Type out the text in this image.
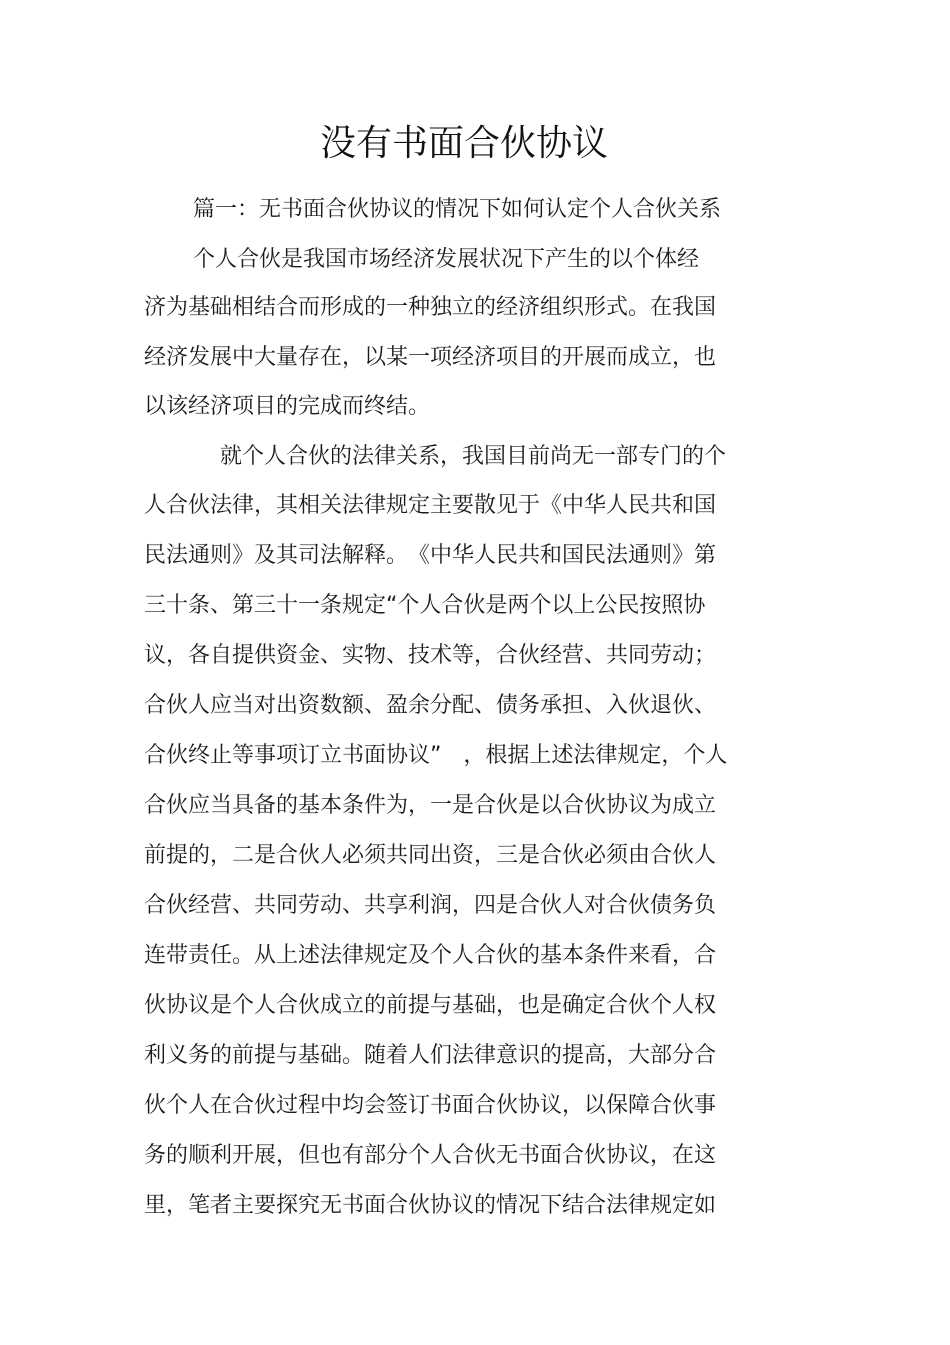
没有书面合伙协议
篇一：无书面合伙协议的情况下如何认定个人合伙关系
个人合伙是我国市场经济发展状况下产生的以个体经
济为基础相结合而形成的一种独立的经济组织形式。在我国
经济发展中大量存在，以某一项经济项目的开展而成立，也
以该经济项目的完成而终结。
就个人合伙的法律关系，我国目前尚无一部专门的个
人合伙法律，其相关法律规定主要散见于《中华人民共和国
民法通则》及其司法解释。　《中华人民共和国民法通则》第
三十条、第三十一条规定“个人合伙是两个以上公民按照协
议，各自提供资金、实物、技术等，合伙经营、共同劳动；
合伙人应当对出资数额、盈余分配、债务承担、入伙退伙、
合伙终止等事项订立书面协议”　，根据上述法律规定，个人
合伙应当具备的基本条件为，一是合伙是以合伙协议为成立
前提的，二是合伙人必须共同出资，三是合伙必须由合伙人
合伙经营、共同劳动、共享利润，四是合伙人对合伙债务负
连带责任。从上述法律规定及个人合伙的基本条件来看，合
伙协议是个人合伙成立的前提与基础，也是确定合伙个人权
利义务的前提与基础。随着人们法律意识的提高，大部分合
伙个人在合伙过程中均会签订书面合伙协议，以保障合伙事
务的顺利开展，但也有部分个人合伙无书面合伙协议，在这
里，笔者主要探究无书面合伙协议的情况下结合法律规定如
